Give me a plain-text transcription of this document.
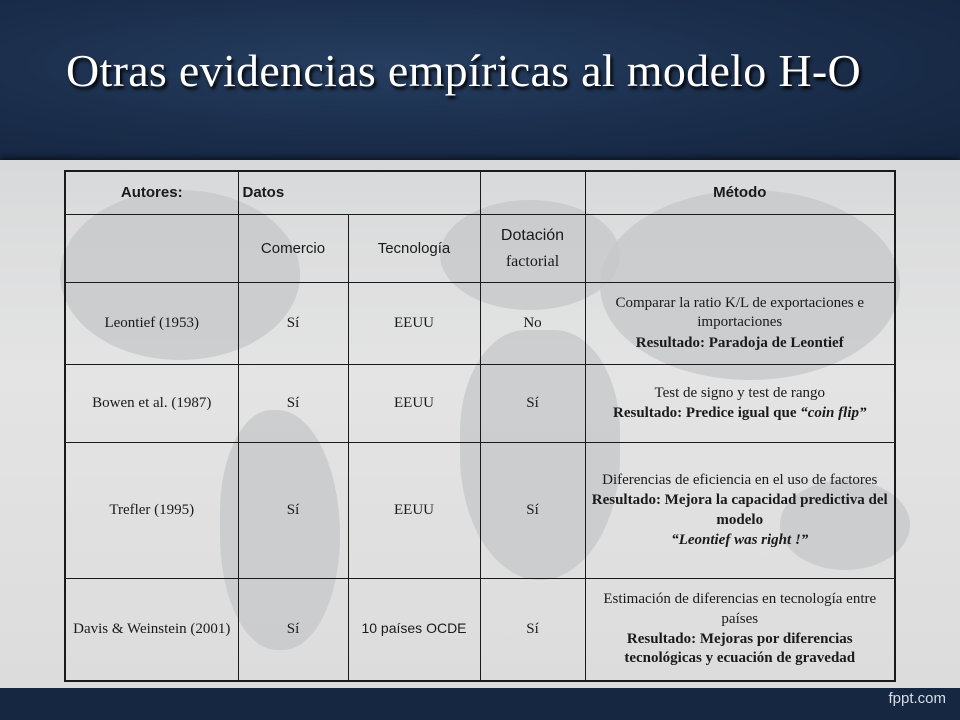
Otras evidencias empíricas al modelo H-O
Autores:	Datos			Método
	Comercio	Tecnología	Dotación
factorial	

Leontief (1953)	Sí	EEUU	No	Comparar la ratio K/L de exportaciones e importaciones

Resultado: Paradoja de Leontief

Bowen et al. (1987)	Sí	EEUU	Sí	Test de signo y test de rango

Resultado: Predice igual que “coin flip”

Trefler (1995)	Sí	EEUU	Sí	Diferencias de eficiencia en el uso de factores

Resultado: Mejora la capacidad predictiva del modelo

“Leontief was right !”

Davis & Weinstein (2001)	Sí	10 países OCDE	Sí	Estimación de diferencias en tecnología entre países

Resultado: Mejoras por diferencias tecnológicas y ecuación de gravedad

fppt.com
